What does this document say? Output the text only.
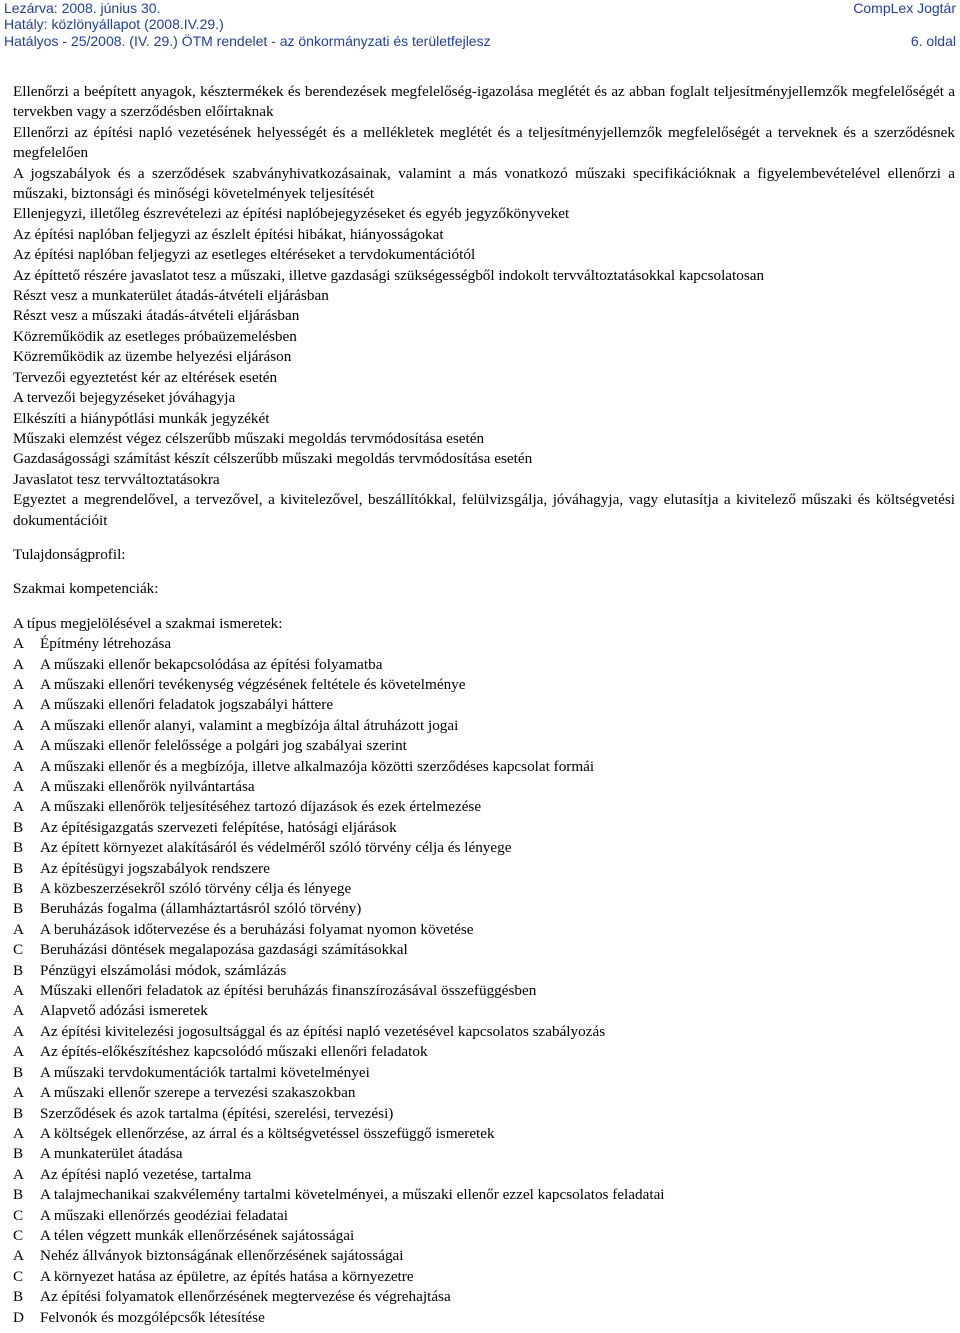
Lezárva: 2008. június 30.	CompLex Jogtár
Hatály: közlönyállapot (2008.IV.29.)
Hatályos - 25/2008. (IV. 29.) ÖTM rendelet - az önkormányzati és területfejlesz	6. oldal

Ellenőrzi a beépített anyagok, késztermékek és berendezések megfelelőség-igazolása meglétét és az abban foglalt teljesítményjellemzők megfelelőségét a tervekben vagy a szerződésben előírtaknak

Ellenőrzi az építési napló vezetésének helyességét és a mellékletek meglétét és a teljesítményjellemzők megfelelőségét a terveknek és a szerződésnek megfelelően

A jogszabályok és a szerződések szabványhivatkozásainak, valamint a más vonatkozó műszaki specifikációknak a figyelembevételével ellenőrzi a műszaki, biztonsági és minőségi követelmények teljesítését

Ellenjegyzi, illetőleg észrevételezi az építési naplóbejegyzéseket és egyéb jegyzőkönyveket

Az építési naplóban feljegyzi az észlelt építési hibákat, hiányosságokat

Az építési naplóban feljegyzi az esetleges eltéréseket a tervdokumentációtól

Az építtető részére javaslatot tesz a műszaki, illetve gazdasági szükségességből indokolt tervváltoztatásokkal kapcsolatosan

Részt vesz a munkaterület átadás-átvételi eljárásban

Részt vesz a műszaki átadás-átvételi eljárásban

Közreműködik az esetleges próbaüzemelésben

Közreműködik az üzembe helyezési eljáráson

Tervezői egyeztetést kér az eltérések esetén

A tervezői bejegyzéseket jóváhagyja

Elkészíti a hiánypótlási munkák jegyzékét

Műszaki elemzést végez célszerűbb műszaki megoldás tervmódosítása esetén

Gazdaságossági számítást készít célszerűbb műszaki megoldás tervmódosítása esetén

Javaslatot tesz tervváltoztatásokra

Egyeztet a megrendelővel, a tervezővel, a kivitelezővel, beszállítókkal, felülvizsgálja, jóváhagyja, vagy elutasítja a kivitelező műszaki és költségvetési dokumentációit

Tulajdonságprofil:

Szakmai kompetenciák:

A típus megjelölésével a szakmai ismeretek:

A	Építmény létrehozása
A	A műszaki ellenőr bekapcsolódása az építési folyamatba
A	A műszaki ellenőri tevékenység végzésének feltétele és követelménye
A	A műszaki ellenőri feladatok jogszabályi háttere
A	A műszaki ellenőr alanyi, valamint a megbízója által átruházott jogai
A	A műszaki ellenőr felelőssége a polgári jog szabályai szerint
A	A műszaki ellenőr és a megbízója, illetve alkalmazója közötti szerződéses kapcsolat formái
A	A műszaki ellenőrök nyilvántartása
A	A műszaki ellenőrök teljesítéséhez tartozó díjazások és ezek értelmezése
B	Az építésigazgatás szervezeti felépítése, hatósági eljárások
B	Az épített környezet alakításáról és védelméről szóló törvény célja és lényege
B	Az építésügyi jogszabályok rendszere
B	A közbeszerzésekről szóló törvény célja és lényege
B	Beruházás fogalma (államháztartásról szóló törvény)
A	A beruházások időtervezése és a beruházási folyamat nyomon követése
C	Beruházási döntések megalapozása gazdasági számításokkal
B	Pénzügyi elszámolási módok, számlázás
A	Műszaki ellenőri feladatok az építési beruházás finanszírozásával összefüggésben
A	Alapvető adózási ismeretek
A	Az építési kivitelezési jogosultsággal és az építési napló vezetésével kapcsolatos szabályozás
A	Az építés-előkészítéshez kapcsolódó műszaki ellenőri feladatok
B	A műszaki tervdokumentációk tartalmi követelményei
A	A műszaki ellenőr szerepe a tervezési szakaszokban
B	Szerződések és azok tartalma (építési, szerelési, tervezési)
A	A költségek ellenőrzése, az árral és a költségvetéssel összefüggő ismeretek
B	A munkaterület átadása
A	Az építési napló vezetése, tartalma
B	A talajmechanikai szakvélemény tartalmi követelményei, a műszaki ellenőr ezzel kapcsolatos feladatai
C	A műszaki ellenőrzés geodéziai feladatai
C	A télen végzett munkák ellenőrzésének sajátosságai
A	Nehéz állványok biztonságának ellenőrzésének sajátosságai
C	A környezet hatása az épületre, az építés hatása a környezetre
B	Az építési folyamatok ellenőrzésének megtervezése és végrehajtása
D	Felvonók és mozgólépcsők létesítése
